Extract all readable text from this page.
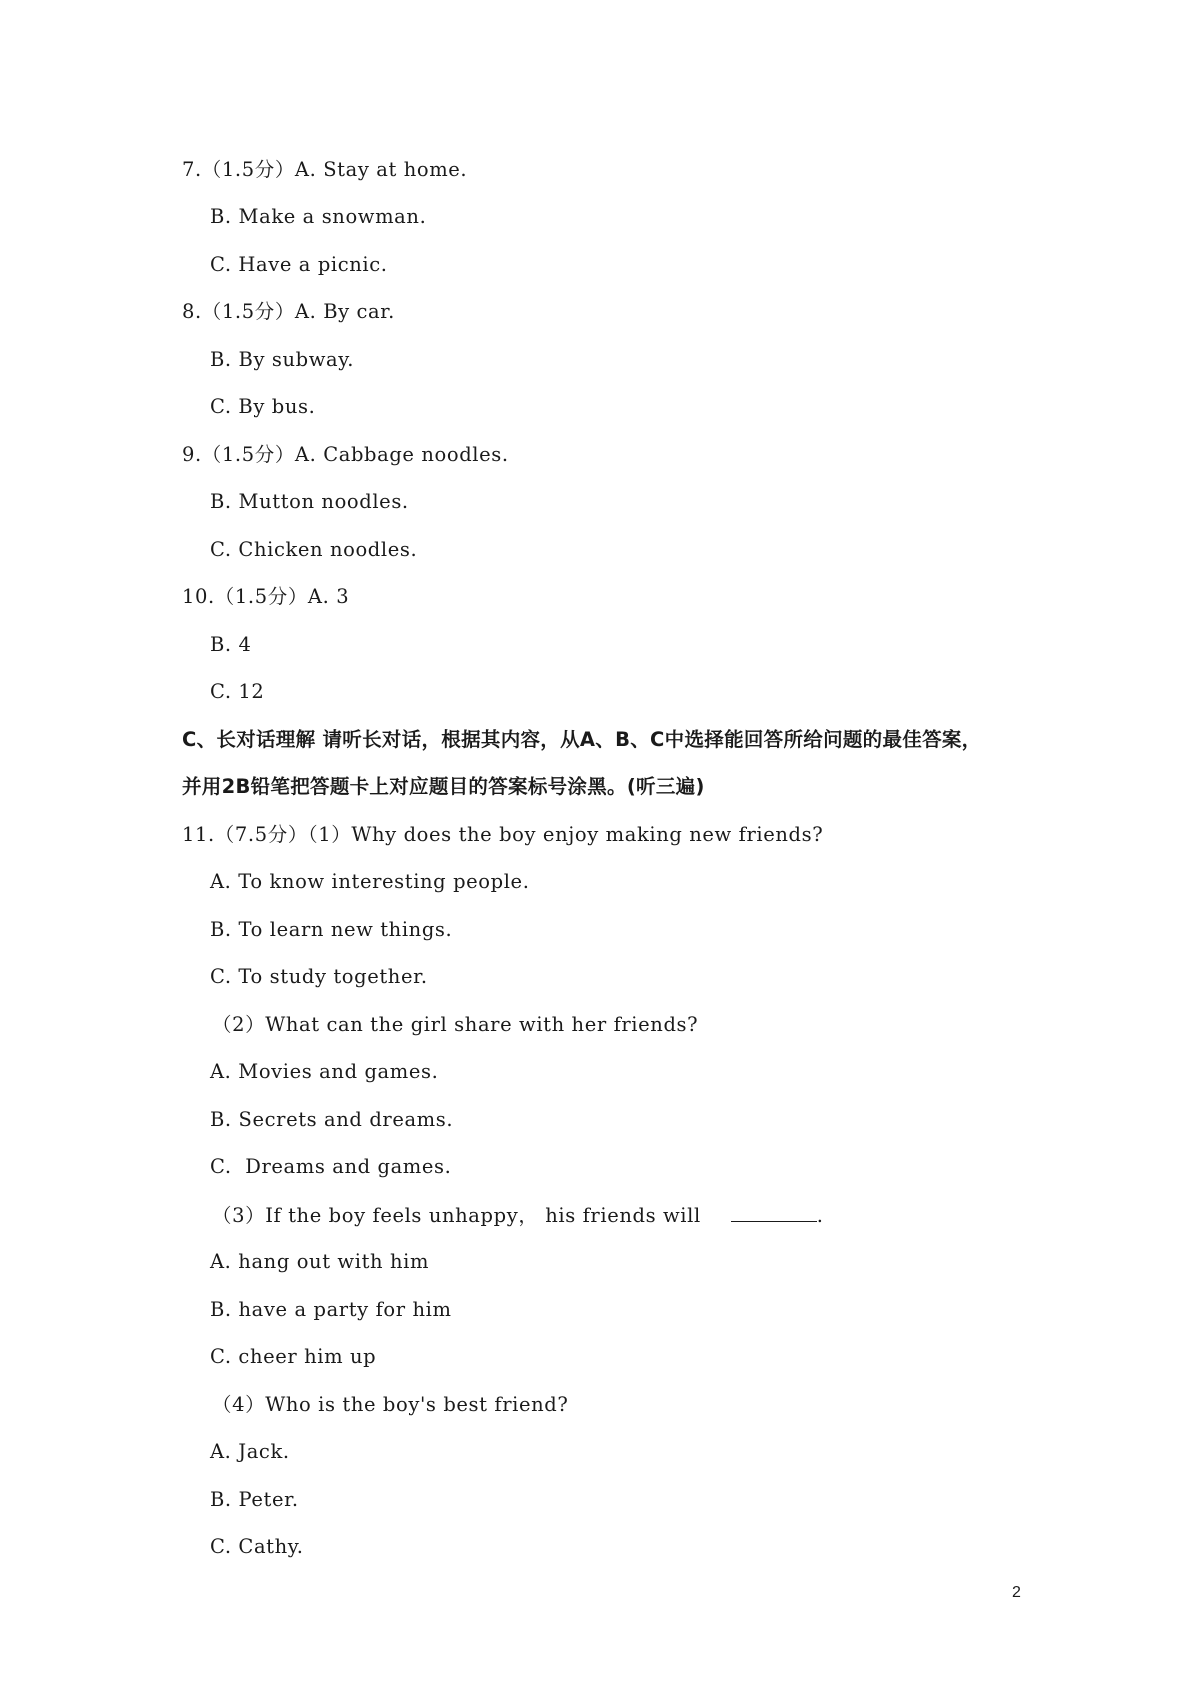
7.（1.5分）A. Stay at home.
B. Make a snowman.
C. Have a picnic.
8.（1.5分）A. By car.
B. By subway.
C. By bus.
9.（1.5分）A. Cabbage noodles.
B. Mutton noodles.
C. Chicken noodles.
10.（1.5分）A. 3
B. 4
C. 12
C、长对话理解 请听长对话，根据其内容，从A、B、C中选择能回答所给问题的最佳答案，
并用2B铅笔把答题卡上对应题目的答案标号涂黑。(听三遍)
11.（7.5分）（1）Why does the boy enjoy making new friends?
A. To know interesting people.
B. To learn new things.
C. To study together.
（2）What can the girl share with her friends?
A. Movies and games.
B. Secrets and dreams.
C.  Dreams and games.
（3）If the boy feels unhappy， his friends will	.
A. hang out with him
B. have a party for him
C. cheer him up
（4）Who is the boy's best friend?
A. Jack.
B. Peter.
C. Cathy.
2
